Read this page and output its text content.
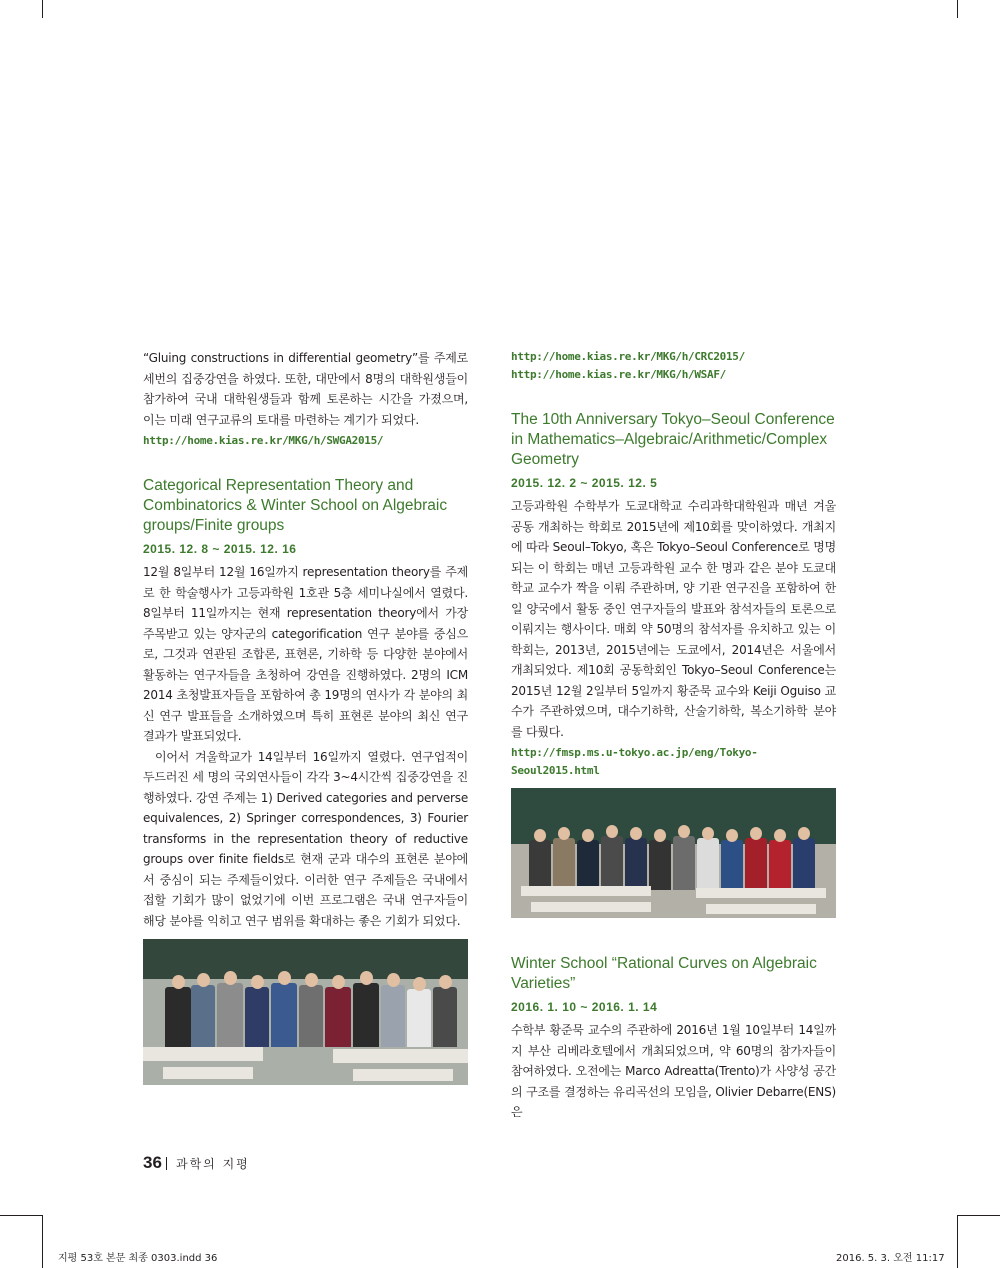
“Gluing constructions in differential geometry”를 주제로 세번의 집중강연을 하였다. 또한, 대만에서 8명의 대학원생들이 참가하여 국내 대학원생들과 함께 토론하는 시간을 가졌으며, 이는 미래 연구교류의 토대를 마련하는 계기가 되었다.

http://home.kias.re.kr/MKG/h/SWGA2015/
Categorical Representation Theory and Combinatorics & Winter School on Algebraic groups/Finite groups
2015. 12. 8 ~ 2015. 12. 16

12월 8일부터 12월 16일까지 representation theory를 주제로 한 학술행사가 고등과학원 1호관 5층 세미나실에서 열렸다. 8일부터 11일까지는 현재 representation theory에서 가장 주목받고 있는 양자군의 categorification 연구 분야를 중심으로, 그것과 연관된 조합론, 표현론, 기하학 등 다양한 분야에서 활동하는 연구자들을 초청하여 강연을 진행하였다. 2명의 ICM 2014 초청발표자들을 포함하여 총 19명의 연사가 각 분야의 최신 연구 발표들을 소개하였으며 특히 표현론 분야의 최신 연구 결과가 발표되었다.

이어서 겨울학교가 14일부터 16일까지 열렸다. 연구업적이 두드러진 세 명의 국외연사들이 각각 3~4시간씩 집중강연을 진행하였다. 강연 주제는 1) Derived categories and perverse equivalences, 2) Springer correspondences, 3) Fourier transforms in the representation theory of reductive groups over finite fields로 현재 군과 대수의 표현론 분야에서 중심이 되는 주제들이었다. 이러한 연구 주제들은 국내에서 접할 기회가 많이 없었기에 이번 프로그램은 국내 연구자들이 해당 분야를 익히고 연구 범위를 확대하는 좋은 기회가 되었다.

http://home.kias.re.kr/MKG/h/CRC2015/
http://home.kias.re.kr/MKG/h/WSAF/
The 10th Anniversary Tokyo–Seoul Conference in Mathematics–Algebraic/Arithmetic/Complex Geometry
2015. 12. 2 ~ 2015. 12. 5

고등과학원 수학부가 도쿄대학교 수리과학대학원과 매년 겨울 공동 개최하는 학회로 2015년에 제10회를 맞이하였다. 개최지에 따라 Seoul–Tokyo, 혹은 Tokyo–Seoul Conference로 명명되는 이 학회는 매년 고등과학원 교수 한 명과 같은 분야 도쿄대학교 교수가 짝을 이뤄 주관하며, 양 기관 연구진을 포함하여 한일 양국에서 활동 중인 연구자들의 발표와 참석자들의 토론으로 이뤄지는 행사이다. 매회 약 50명의 참석자를 유치하고 있는 이 학회는, 2013년, 2015년에는 도쿄에서, 2014년은 서울에서 개최되었다. 제10회 공동학회인 Tokyo–Seoul Conference는 2015년 12월 2일부터 5일까지 황준묵 교수와 Keiji Oguiso 교수가 주관하였으며, 대수기하학, 산술기하학, 복소기하학 분야를 다뤘다.

http://fmsp.ms.u-tokyo.ac.jp/eng/Tokyo-Seoul2015.html
Winter School “Rational Curves on Algebraic Varieties”
2016. 1. 10 ~ 2016. 1. 14

수학부 황준묵 교수의 주관하에 2016년 1월 10일부터 14일까지 부산 리베라호텔에서 개최되었으며, 약 60명의 참가자들이 참여하였다. 오전에는 Marco Adreatta(Trento)가 사양성 공간의 구조를 결정하는 유리곡선의 모임을, Olivier Debarre(ENS)은

36 과학의 지평
지평 53호 본문 최종 0303.indd 36	2016. 5. 3. 오전 11:17
